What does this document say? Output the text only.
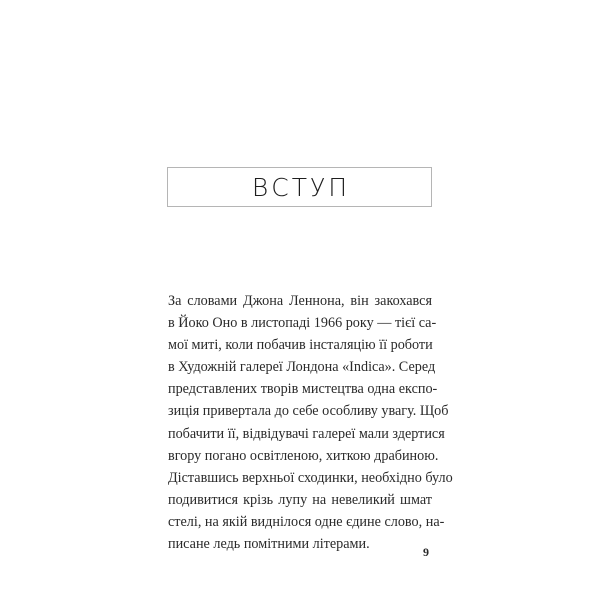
ВСТУП
За словами Джона Леннона, він закохався
в Йоко Оно в листопаді 1966 року — тієї са-
мої миті, коли побачив інсталяцію її роботи
в Художній галереї Лондона «Indica». Серед
представлених творів мистецтва одна експо-
зиція привертала до себе особливу увагу. Щоб
побачити її, відвідувачі галереї мали здертися
вгору погано освітленою, хиткою драбиною.
Діставшись верхньої сходинки, необхідно було
подивитися крізь лупу на невеликий шмат
стелі, на якій виднілося одне єдине слово, на-
писане ледь помітними літерами.	9
